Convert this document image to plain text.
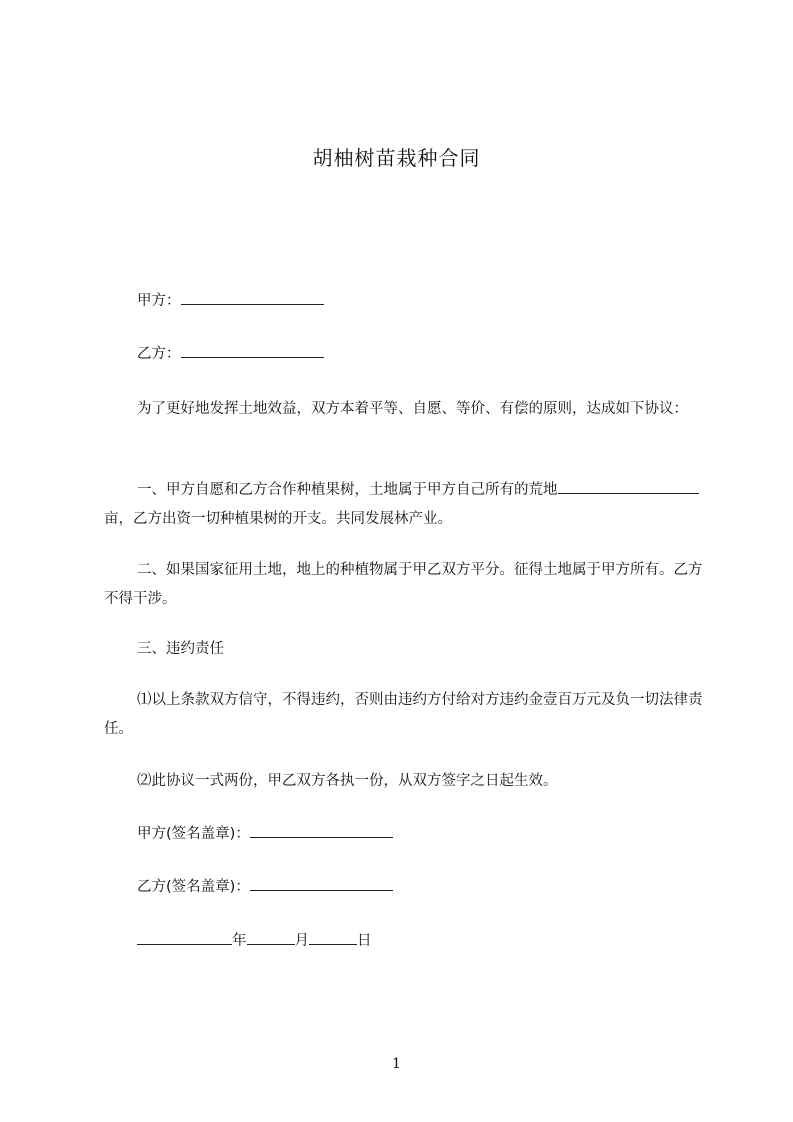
胡柚树苗栽种合同
甲方：
乙方：
为了更好地发挥土地效益，双方本着平等、自愿、等价、有偿的原则，达成如下协议：
一、甲方自愿和乙方合作种植果树，土地属于甲方自己所有的荒地亩，乙方出资一切种植果树的开支。共同发展林产业。
二、如果国家征用土地，地上的种植物属于甲乙双方平分。征得土地属于甲方所有。乙方不得干涉。
三、违约责任
⑴以上条款双方信守，不得违约，否则由违约方付给对方违约金壹百万元及负一切法律责任。
⑵此协议一式两份，甲乙双方各执一份，从双方签字之日起生效。
甲方(签名盖章)：
乙方(签名盖章)：
年	月	日
1
